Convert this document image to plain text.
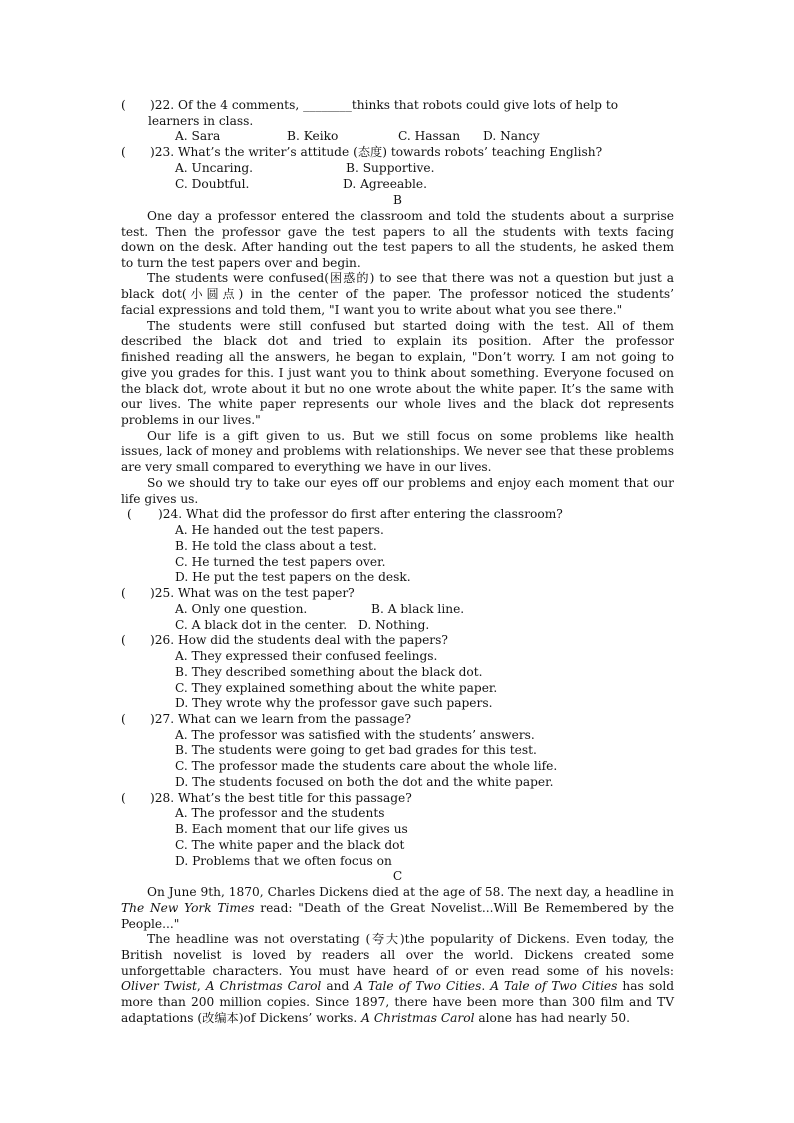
( )22. Of the 4 comments, ________thinks that robots could give lots of help to
learners in class.
A. Sara	B. Keiko	C. Hassan D. Nancy
( )23. What’s the writer’s attitude (态度) towards robots’ teaching English?
A. Uncaring.	B. Supportive.
C. Doubtful.	D. Agreeable.
B
One day a professor entered the classroom and told the students about a surprise
test. Then the professor gave the test papers to all the students with texts facing
down on the desk. After handing out the test papers to all the students, he asked them
to turn the test papers over and begin.
The students were confused(困惑的) to see that there was not a question but just a
black dot(小圆点) in the center of the paper. The professor noticed the students’
facial expressions and told them, "I want you to write about what you see there."
The students were still confused but started doing with the test. All of them
described the black dot and tried to explain its position. After the professor
finished reading all the answers, he began to explain, "Don’t worry. I am not going to
give you grades for this. I just want you to think about something. Everyone focused on
the black dot, wrote about it but no one wrote about the white paper. It’s the same with
our lives. The white paper represents our whole lives and the black dot represents
problems in our lives."
Our life is a gift given to us. But we still focus on some problems like health
issues, lack of money and problems with relationships. We never see that these problems
are very small compared to everything we have in our lives.
So we should try to take our eyes off our problems and enjoy each moment that our
life gives us.
( )24. What did the professor do first after entering the classroom?
A. He handed out the test papers.
B. He told the class about a test.
C. He turned the test papers over.
D. He put the test papers on the desk.
( )25. What was on the test paper?
A. Only one question.	B. A black line.
C. A black dot in the center. D. Nothing.
( )26. How did the students deal with the papers?
A. They expressed their confused feelings.
B. They described something about the black dot.
C. They explained something about the white paper.
D. They wrote why the professor gave such papers.
( )27. What can we learn from the passage?
A. The professor was satisfied with the students’ answers.
B. The students were going to get bad grades for this test.
C. The professor made the students care about the whole life.
D. The students focused on both the dot and the white paper.
( )28. What’s the best title for this passage?
A. The professor and the students
B. Each moment that our life gives us
C. The white paper and the black dot
D. Problems that we often focus on
C
On June 9th, 1870, Charles Dickens died at the age of 58. The next day, a headline in
The New York Times read: "Death of the Great Novelist...Will Be Remembered by the
People..."
The headline was not overstating (夸大)the popularity of Dickens. Even today, the
British novelist is loved by readers all over the world. Dickens created some
unforgettable characters. You must have heard of or even read some of his novels:
Oliver Twist, A Christmas Carol and A Tale of Two Cities. A Tale of Two Cities has sold
more than 200 million copies. Since 1897, there have been more than 300 film and TV
adaptations (改编本)of Dickens’ works. A Christmas Carol alone has had nearly 50.
